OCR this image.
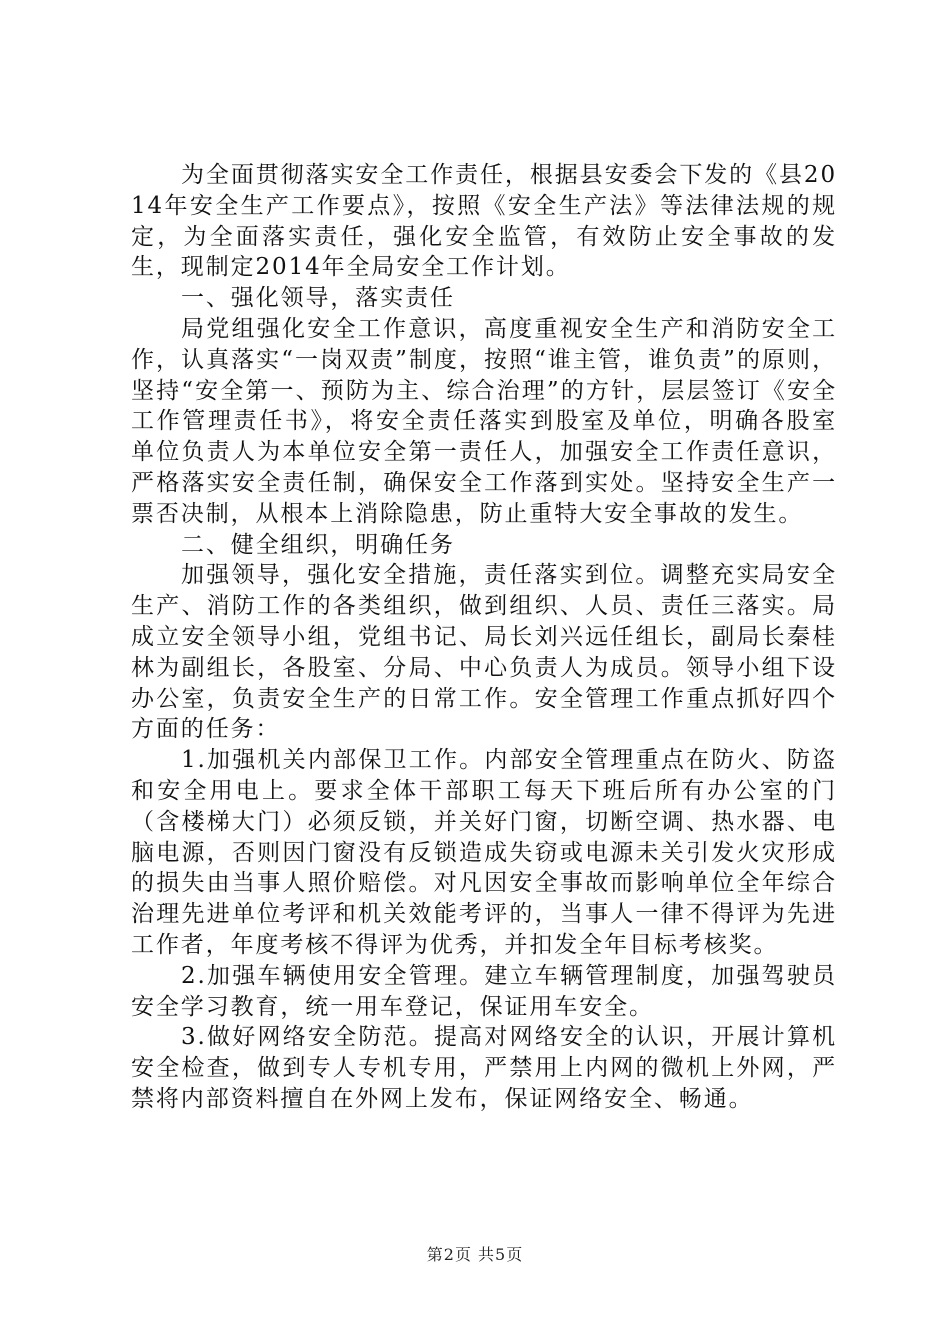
为全面贯彻落实安全工作责任，根据县安委会下发的《县2014年安全生产工作要点》，按照《安全生产法》等法律法规的规定，为全面落实责任，强化安全监管，有效防止安全事故的发生，现制定2014年全局安全工作计划。

一、强化领导，落实责任

局党组强化安全工作意识，高度重视安全生产和消防安全工作，认真落实“一岗双责”制度，按照“谁主管，谁负责”的原则，坚持“安全第一、预防为主、综合治理”的方针，层层签订《安全工作管理责任书》，将安全责任落实到股室及单位，明确各股室单位负责人为本单位安全第一责任人，加强安全工作责任意识，严格落实安全责任制，确保安全工作落到实处。坚持安全生产一票否决制，从根本上消除隐患，防止重特大安全事故的发生。

二、健全组织，明确任务

加强领导，强化安全措施，责任落实到位。调整充实局安全生产、消防工作的各类组织，做到组织、人员、责任三落实。局成立安全领导小组，党组书记、局长刘兴远任组长，副局长秦桂林为副组长，各股室、分局、中心负责人为成员。领导小组下设办公室，负责安全生产的日常工作。安全管理工作重点抓好四个方面的任务：

1.加强机关内部保卫工作。内部安全管理重点在防火、防盗和安全用电上。要求全体干部职工每天下班后所有办公室的门（含楼梯大门）必须反锁，并关好门窗，切断空调、热水器、电脑电源，否则因门窗没有反锁造成失窃或电源未关引发火灾形成的损失由当事人照价赔偿。对凡因安全事故而影响单位全年综合治理先进单位考评和机关效能考评的，当事人一律不得评为先进工作者，年度考核不得评为优秀，并扣发全年目标考核奖。

2.加强车辆使用安全管理。建立车辆管理制度，加强驾驶员安全学习教育，统一用车登记，保证用车安全。

3.做好网络安全防范。提高对网络安全的认识，开展计算机安全检查，做到专人专机专用，严禁用上内网的微机上外网，严禁将内部资料擅自在外网上发布，保证网络安全、畅通。

第2页 共5页
